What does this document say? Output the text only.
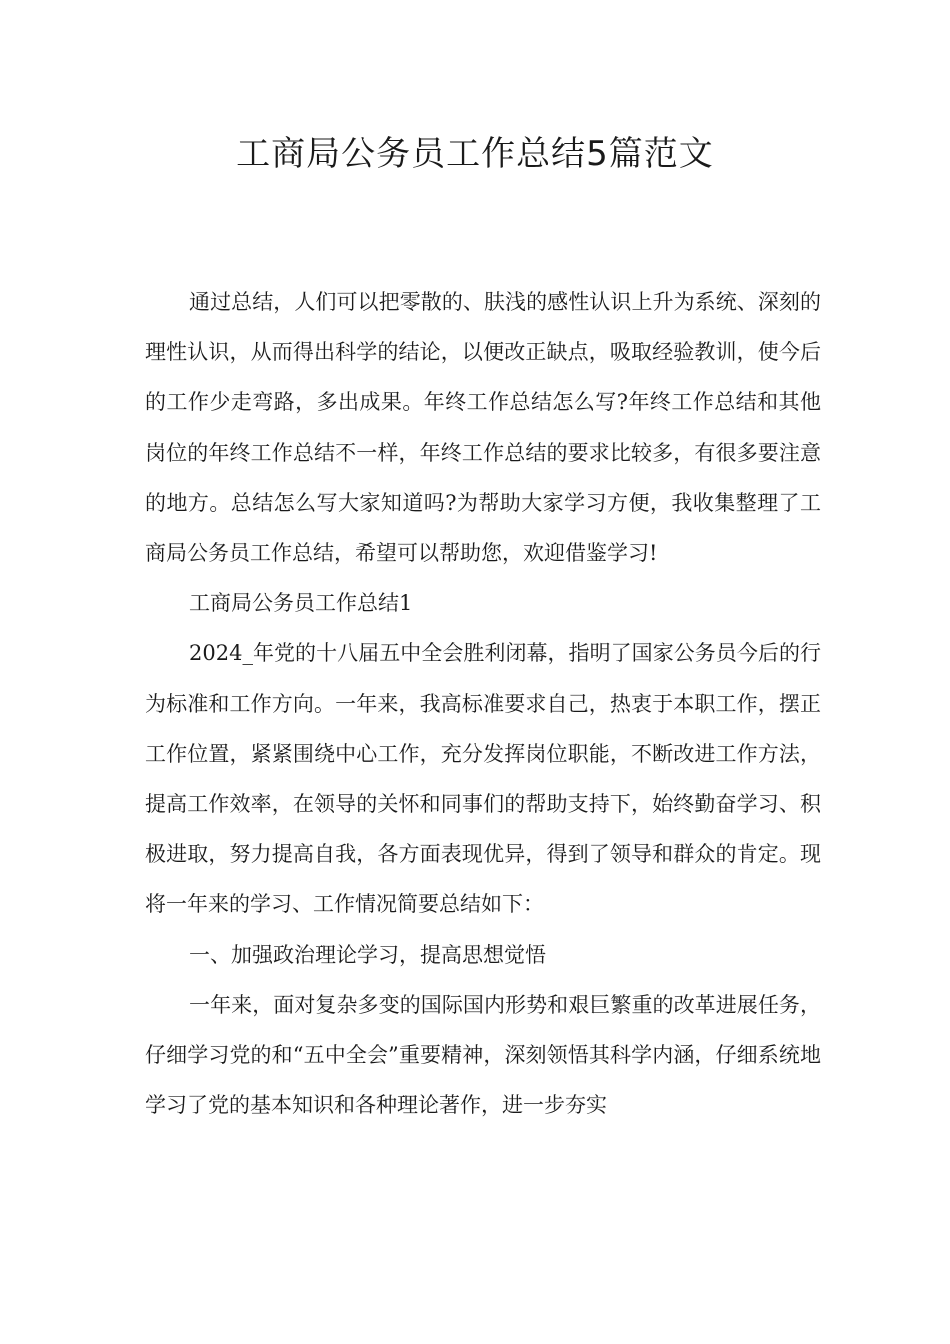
工商局公务员工作总结5篇范文

通过总结，人们可以把零散的、肤浅的感性认识上升为系统、深刻的理性认识，从而得出科学的结论，以便改正缺点，吸取经验教训，使今后的工作少走弯路，多出成果。年终工作总结怎么写?年终工作总结和其他岗位的年终工作总结不一样，年终工作总结的要求比较多，有很多要注意的地方。总结怎么写大家知道吗?为帮助大家学习方便，我收集整理了工商局公务员工作总结，希望可以帮助您，欢迎借鉴学习!

工商局公务员工作总结1

2024_年党的十八届五中全会胜利闭幕，指明了国家公务员今后的行为标准和工作方向。一年来，我高标准要求自己，热衷于本职工作，摆正工作位置，紧紧围绕中心工作，充分发挥岗位职能，不断改进工作方法，提高工作效率，在领导的关怀和同事们的帮助支持下，始终勤奋学习、积极进取，努力提高自我，各方面表现优异，得到了领导和群众的肯定。现将一年来的学习、工作情况简要总结如下：

一、加强政治理论学习，提高思想觉悟

一年来，面对复杂多变的国际国内形势和艰巨繁重的改革进展任务，仔细学习党的和“五中全会”重要精神，深刻领悟其科学内涵，仔细系统地学习了党的基本知识和各种理论著作，进一步夯实
